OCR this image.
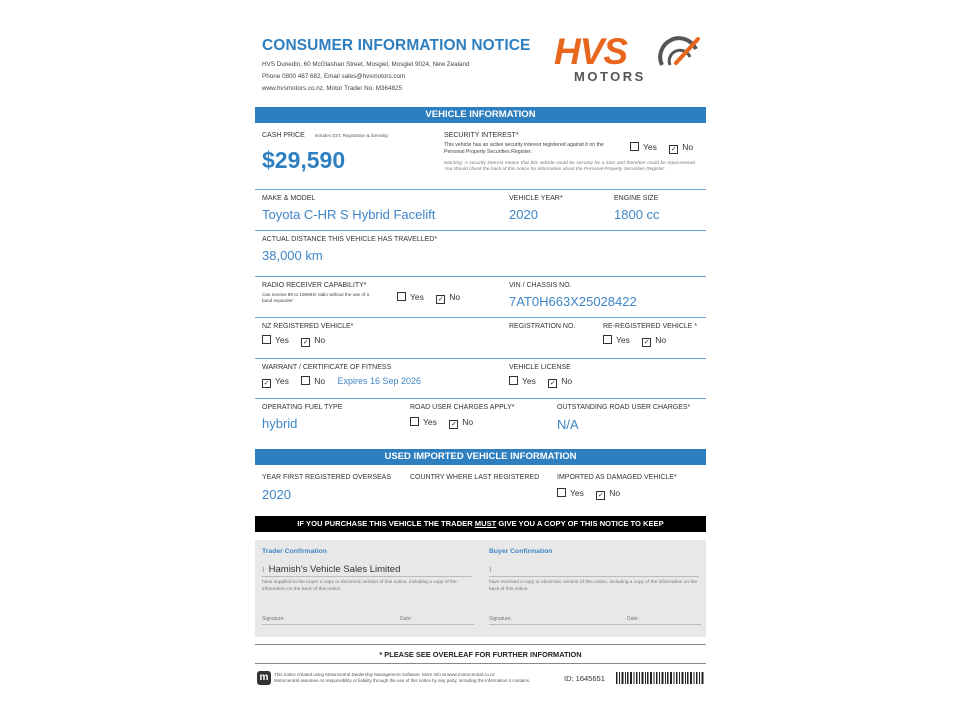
CONSUMER INFORMATION NOTICE
HVS Dunedin, 60 McGlashan Street, Mosgiel, Mosgiel 9024, New Zealand
Phone 0800 487 682, Email sales@hvsmotors.com
www.hvsmotors.co.nz, Motor Trader No. M364825
HVS
MOTORS
VEHICLE INFORMATION
CASH PRICE Includes GST, Registration & licensing
$29,590
SECURITY INTEREST*
This vehicle has an active security interest registered against it on the Personal Property Securities Register:	Yes ✓ No
Warning: A security interest means that this vehicle could be security for a loan and therefore could be repossessed. You should check the back of this notice for information about the Personal Property Securities Register.
MAKE & MODEL
Toyota C-HR S Hybrid Facelift
VEHICLE YEAR*
2020
ENGINE SIZE
1800 cc
ACTUAL DISTANCE THIS VEHICLE HAS TRAVELLED*
38,000 km
RADIO RECEIVER CAPABILITY*
Can receive 88 to 108MHz radio without the use of a band expander:	Yes ✓ No
VIN / CHASSIS NO.
7AT0H663X25028422
NZ REGISTERED VEHICLE*
Yes ✓ No
REGISTRATION NO.	RE-REGISTERED VEHICLE *
Yes ✓ No
WARRANT / CERTIFICATE OF FITNESS
✓ Yes	No Expires 16 Sep 2026
VEHICLE LICENSE
Yes ✓ No
OPERATING FUEL TYPE
hybrid
ROAD USER CHARGES APPLY*
Yes ✓ No
OUTSTANDING ROAD USER CHARGES*
N/A
USED IMPORTED VEHICLE INFORMATION
YEAR FIRST REGISTERED OVERSEAS
2020
COUNTRY WHERE LAST REGISTERED	IMPORTED AS DAMAGED VEHICLE*
Yes ✓ No
IF YOU PURCHASE THIS VEHICLE THE TRADER MUST GIVE YOU A COPY OF THIS NOTICE TO KEEP
Trader Confirmation
ı Hamish's Vehicle Sales Limited
have supplied to the buyer a copy or electronic version of this notice, including a copy of the information on the back of this notice.
Signature:	Date:
Buyer Confirmation
ı
have received a copy or electronic version of this notice, including a copy of the information on the back of this notice.
Signature:	Date:
* PLEASE SEE OVERLEAF FOR FURTHER INFORMATION
m	This notice created using Motorcentral Dealership Management Software. More info at www.motorcentral.co.nz
Motorcentral assumes no responsibility or liability through the use of this notice by any party, including the information it contains.	ID: 1645651
